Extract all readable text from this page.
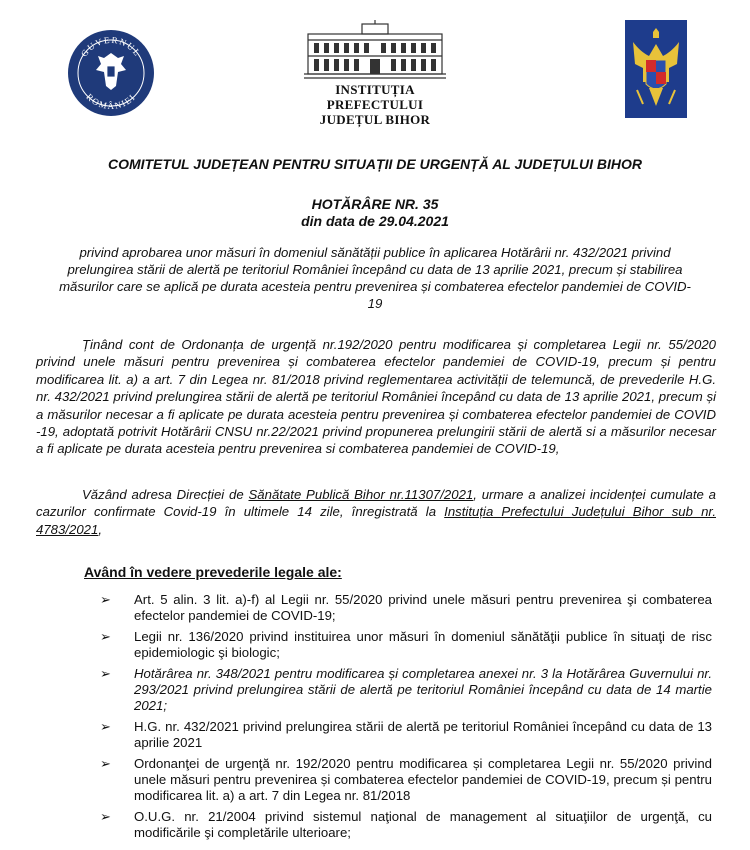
GUVERNUL
ROMÂNIEI	INSTITUȚIA PREFECTULUI
JUDEȚUL BIHOR
COMITETUL JUDEȚEAN PENTRU SITUAȚII DE URGENȚĂ AL JUDEȚULUI BIHOR
HOTĂRÂRE NR. 35
din data de 29.04.2021
privind aprobarea unor măsuri în domeniul sănătății publice în aplicarea Hotărârii nr. 432/2021 privind prelungirea stării de alertă pe teritoriul României începând cu data de 13 aprilie 2021, precum și stabilirea măsurilor care se aplică pe durata acesteia pentru prevenirea și combaterea efectelor pandemiei de COVID-19
Ținând cont de Ordonanța de urgență nr.192/2020 pentru modificarea și completarea Legii nr. 55/2020 privind unele măsuri pentru prevenirea și combaterea efectelor pandemiei de COVID-19, precum și pentru modificarea lit. a) a art. 7 din Legea nr. 81/2018 privind reglementarea activității de telemuncă, de prevederile H.G. nr. 432/2021 privind prelungirea stării de alertă pe teritoriul României începând cu data de 13 aprilie 2021, precum și a măsurilor necesar a fi aplicate pe durata acesteia pentru prevenirea și combaterea efectelor pandemiei de COVID -19, adoptată potrivit Hotărârii CNSU nr.22/2021 privind propunerea prelungirii stării de alertă si a măsurilor necesar a fi aplicate pe durata acesteia pentru prevenirea si combaterea pandemiei de COVID-19,
Văzând adresa Direcției de Sănătate Publică Bihor nr.11307/2021, urmare a analizei incidenței cumulate a cazurilor confirmate Covid-19 în ultimele 14 zile, înregistrată la Instituția Prefectului Județului Bihor sub nr. 4783/2021,
Având în vedere prevederile legale ale:
➢ Art. 5 alin. 3 lit. a)-f) al Legii nr. 55/2020 privind unele măsuri pentru prevenirea şi combaterea efectelor pandemiei de COVID-19;
➢ Legii nr. 136/2020 privind instituirea unor măsuri în domeniul sănătăţii publice în situaţi de risc epidemiologic şi biologic;
➢ Hotărârea nr. 348/2021 pentru modificarea și completarea anexei nr. 3 la Hotărârea Guvernului nr. 293/2021 privind prelungirea stării de alertă pe teritoriul României începând cu data de 14 martie 2021;
➢ H.G. nr. 432/2021 privind prelungirea stării de alertă pe teritoriul României începând cu data de 13 aprilie 2021
➢ Ordonanţei de urgenţă nr. 192/2020 pentru modificarea și completarea Legii nr. 55/2020 privind unele măsuri pentru prevenirea și combaterea efectelor pandemiei de COVID-19, precum și pentru modificarea lit. a) a art. 7 din Legea nr. 81/2018
➢ O.U.G. nr. 21/2004 privind sistemul naţional de management al situaţiilor de urgenţă, cu modificările şi completările ulterioare;
